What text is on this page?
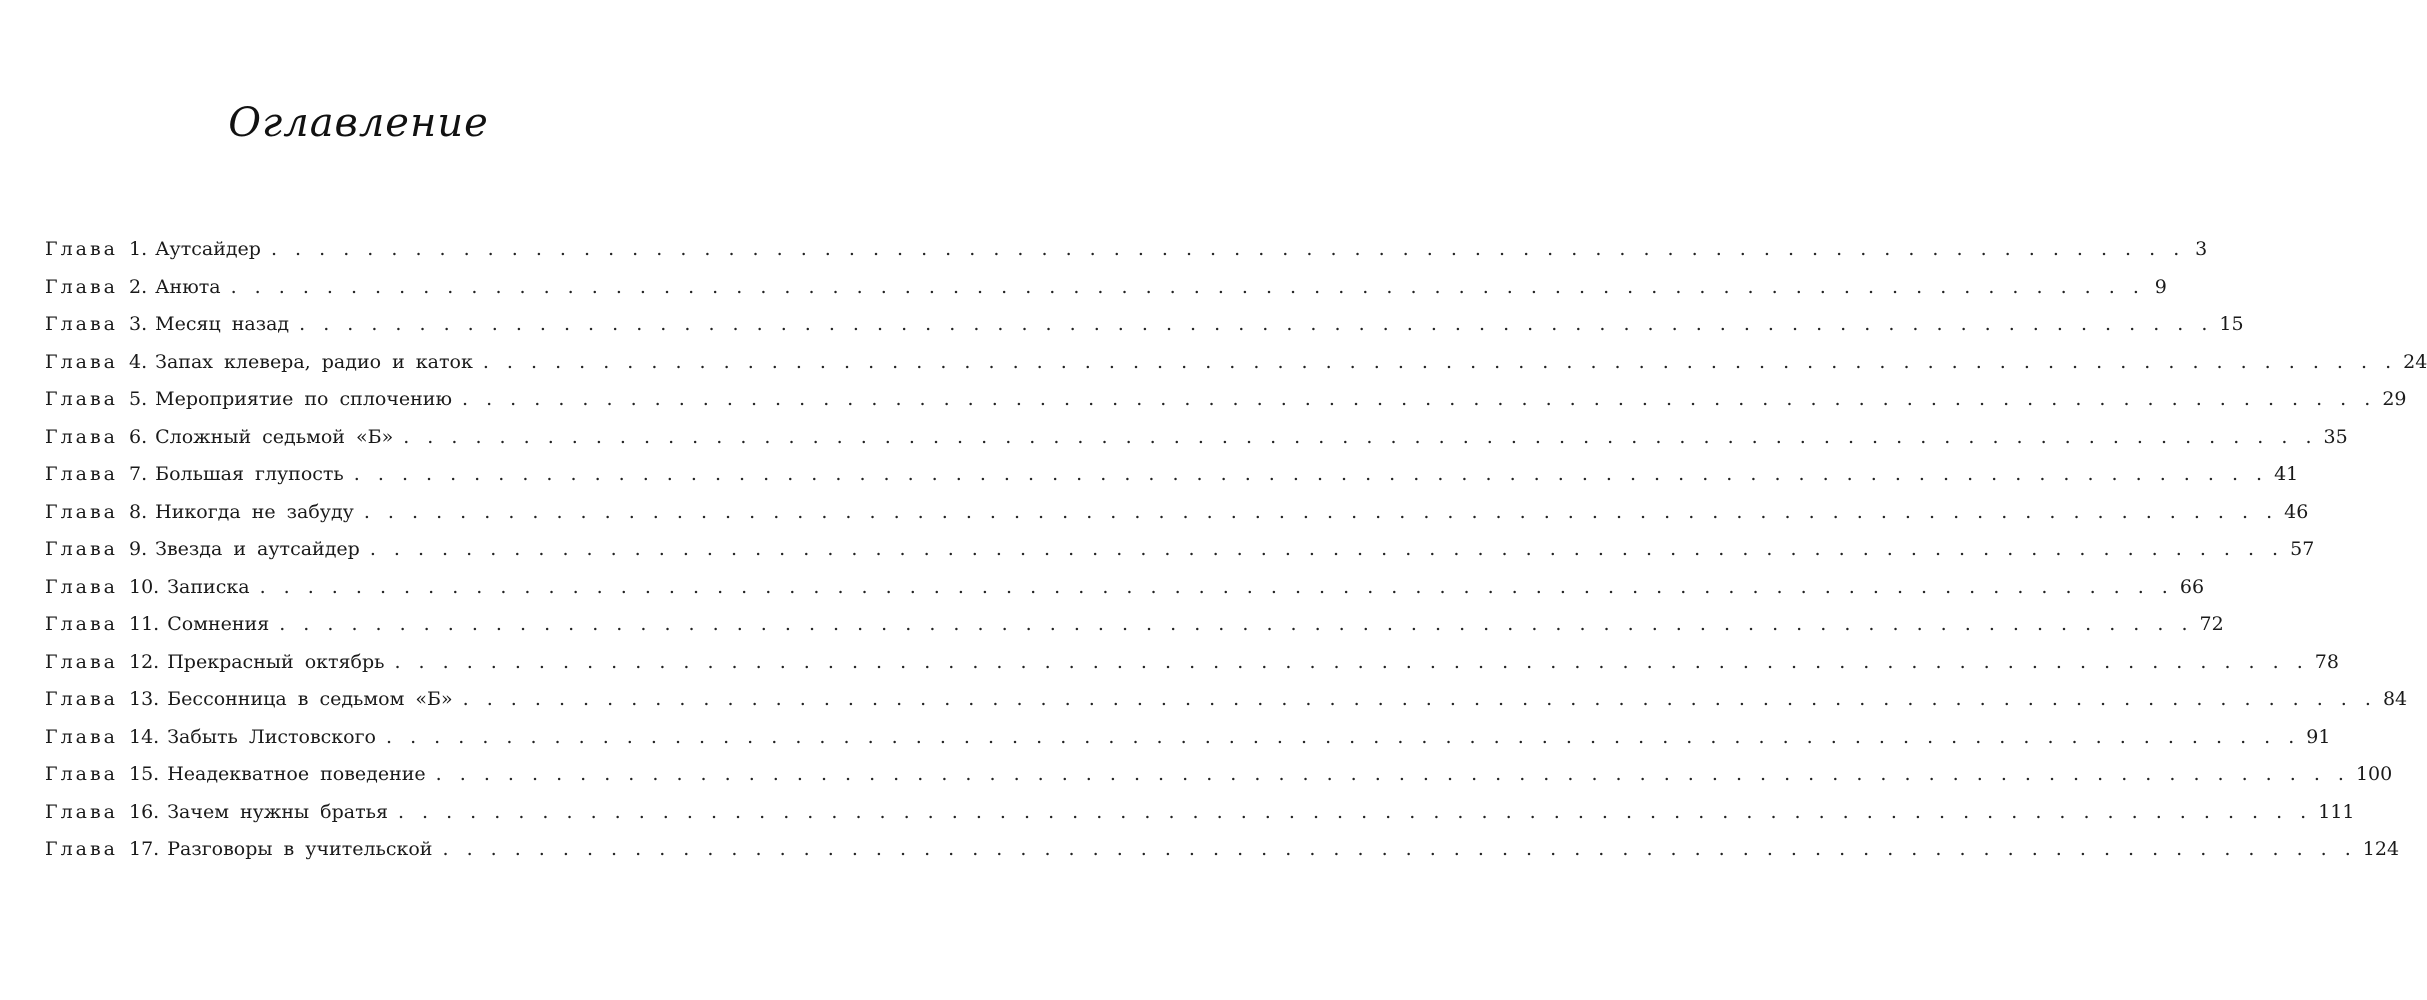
Оглавление
Глава 1. Аутсайдер . . . . . . . . . . . . . . . . . . . . . . . . . . . . . . . . . . . . . . . . . . . . . . . . . . . . . . . . . . . . . . . . . . . . . . . . . . . . . . . . 3
Глава 2. Анюта . . . . . . . . . . . . . . . . . . . . . . . . . . . . . . . . . . . . . . . . . . . . . . . . . . . . . . . . . . . . . . . . . . . . . . . . . . . . . . . . 9
Глава 3. Месяц назад . . . . . . . . . . . . . . . . . . . . . . . . . . . . . . . . . . . . . . . . . . . . . . . . . . . . . . . . . . . . . . . . . . . . . . . . . . . . . . . . 15
Глава 4. Запах клевера, радио и каток . . . . . . . . . . . . . . . . . . . . . . . . . . . . . . . . . . . . . . . . . . . . . . . . . . . . . . . . . . . . . . . . . . . . . . . . . . . . . . . . 24
Глава 5. Мероприятие по сплочению . . . . . . . . . . . . . . . . . . . . . . . . . . . . . . . . . . . . . . . . . . . . . . . . . . . . . . . . . . . . . . . . . . . . . . . . . . . . . . . . 29
Глава 6. Сложный седьмой «Б» . . . . . . . . . . . . . . . . . . . . . . . . . . . . . . . . . . . . . . . . . . . . . . . . . . . . . . . . . . . . . . . . . . . . . . . . . . . . . . . . 35
Глава 7. Большая глупость . . . . . . . . . . . . . . . . . . . . . . . . . . . . . . . . . . . . . . . . . . . . . . . . . . . . . . . . . . . . . . . . . . . . . . . . . . . . . . . . 41
Глава 8. Никогда не забуду . . . . . . . . . . . . . . . . . . . . . . . . . . . . . . . . . . . . . . . . . . . . . . . . . . . . . . . . . . . . . . . . . . . . . . . . . . . . . . . . 46
Глава 9. Звезда и аутсайдер . . . . . . . . . . . . . . . . . . . . . . . . . . . . . . . . . . . . . . . . . . . . . . . . . . . . . . . . . . . . . . . . . . . . . . . . . . . . . . . . 57
Глава 10. Записка . . . . . . . . . . . . . . . . . . . . . . . . . . . . . . . . . . . . . . . . . . . . . . . . . . . . . . . . . . . . . . . . . . . . . . . . . . . . . . . . 66
Глава 11. Сомнения . . . . . . . . . . . . . . . . . . . . . . . . . . . . . . . . . . . . . . . . . . . . . . . . . . . . . . . . . . . . . . . . . . . . . . . . . . . . . . . . 72
Глава 12. Прекрасный октябрь . . . . . . . . . . . . . . . . . . . . . . . . . . . . . . . . . . . . . . . . . . . . . . . . . . . . . . . . . . . . . . . . . . . . . . . . . . . . . . . . 78
Глава 13. Бессонница в седьмом «Б» . . . . . . . . . . . . . . . . . . . . . . . . . . . . . . . . . . . . . . . . . . . . . . . . . . . . . . . . . . . . . . . . . . . . . . . . . . . . . . . . 84
Глава 14. Забыть Листовского . . . . . . . . . . . . . . . . . . . . . . . . . . . . . . . . . . . . . . . . . . . . . . . . . . . . . . . . . . . . . . . . . . . . . . . . . . . . . . . . 91
Глава 15. Неадекватное поведение . . . . . . . . . . . . . . . . . . . . . . . . . . . . . . . . . . . . . . . . . . . . . . . . . . . . . . . . . . . . . . . . . . . . . . . . . . . . . . . . 100
Глава 16. Зачем нужны братья . . . . . . . . . . . . . . . . . . . . . . . . . . . . . . . . . . . . . . . . . . . . . . . . . . . . . . . . . . . . . . . . . . . . . . . . . . . . . . . . 111
Глава 17. Разговоры в учительской . . . . . . . . . . . . . . . . . . . . . . . . . . . . . . . . . . . . . . . . . . . . . . . . . . . . . . . . . . . . . . . . . . . . . . . . . . . . . . . . 124
